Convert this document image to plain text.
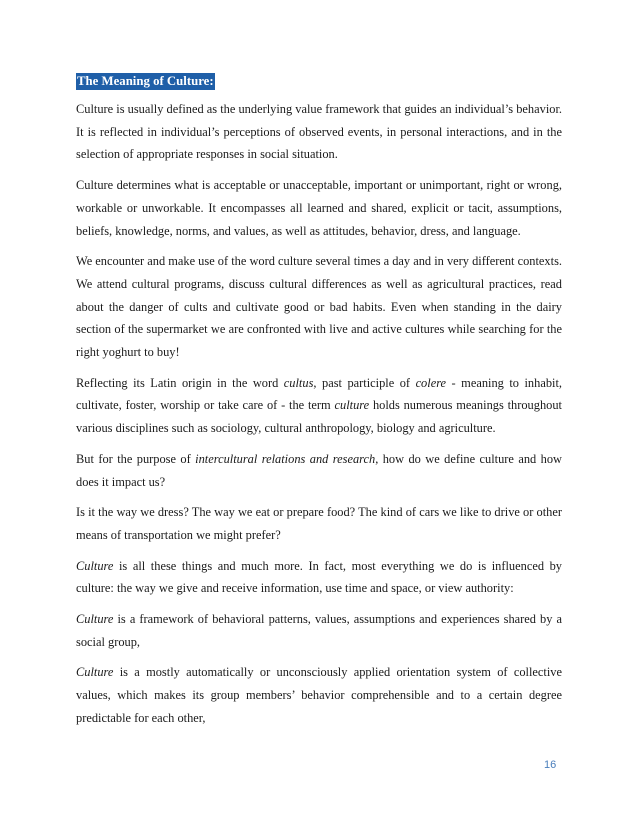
The Meaning of Culture:

Culture is usually defined as the underlying value framework that guides an individual’s behavior. It is reflected in individual’s perceptions of observed events, in personal interactions, and in the selection of appropriate responses in social situation.

Culture determines what is acceptable or unacceptable, important or unimportant, right or wrong, workable or unworkable. It encompasses all learned and shared, explicit or tacit, assumptions, beliefs, knowledge, norms, and values, as well as attitudes, behavior, dress, and language.

We encounter and make use of the word culture several times a day and in very different contexts. We attend cultural programs, discuss cultural differences as well as agricultural practices, read about the danger of cults and cultivate good or bad habits. Even when standing in the dairy section of the supermarket we are confronted with live and active cultures while searching for the right yoghurt to buy!

Reflecting its Latin origin in the word cultus, past participle of colere - meaning to inhabit, cultivate, foster, worship or take care of - the term culture holds numerous meanings throughout various disciplines such as sociology, cultural anthropology, biology and agriculture.

But for the purpose of intercultural relations and research, how do we define culture and how does it impact us?

Is it the way we dress? The way we eat or prepare food? The kind of cars we like to drive or other means of transportation we might prefer?

Culture is all these things and much more. In fact, most everything we do is influenced by culture: the way we give and receive information, use time and space, or view authority:

Culture is a framework of behavioral patterns, values, assumptions and experiences shared by a social group,

Culture is a mostly automatically or unconsciously applied orientation system of collective values, which makes its group members’ behavior comprehensible and to a certain degree predictable for each other,

16
